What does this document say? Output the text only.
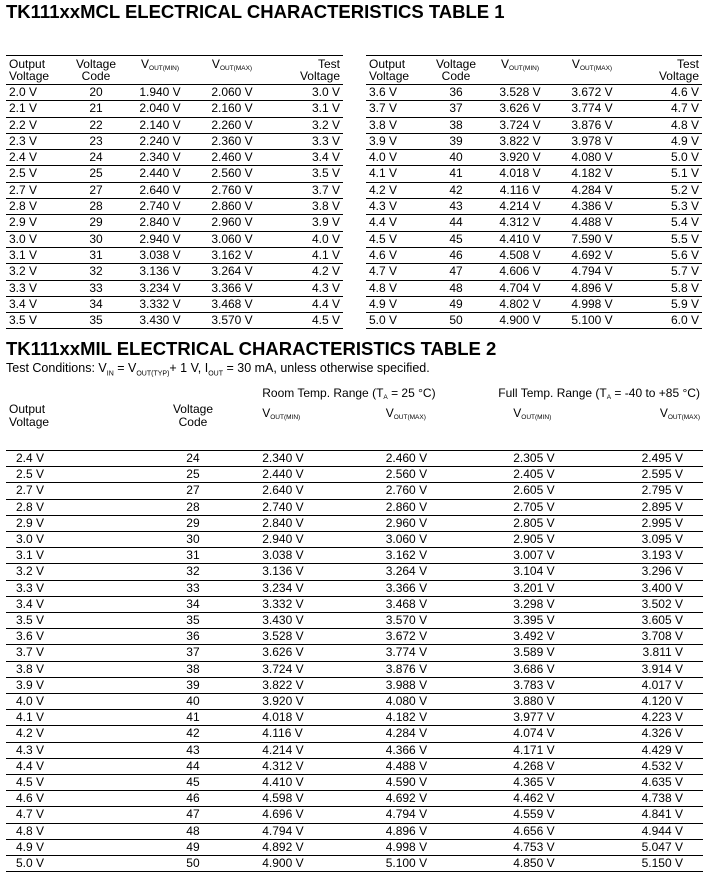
TK111xxMCL ELECTRICAL CHARACTERISTICS TABLE 1
Output
Voltage	Voltage
Code	$V_{OUT(MIN)}$	$V_{OUT(MAX)}$	Test
Voltage
2.0 V	20	1.940 V	2.060 V	3.0 V
2.1 V	21	2.040 V	2.160 V	3.1 V
2.2 V	22	2.140 V	2.260 V	3.2 V
2.3 V	23	2.240 V	2.360 V	3.3 V
2.4 V	24	2.340 V	2.460 V	3.4 V
2.5 V	25	2.440 V	2.560 V	3.5 V
2.7 V	27	2.640 V	2.760 V	3.7 V
2.8 V	28	2.740 V	2.860 V	3.8 V
2.9 V	29	2.840 V	2.960 V	3.9 V
3.0 V	30	2.940 V	3.060 V	4.0 V
3.1 V	31	3.038 V	3.162 V	4.1 V
3.2 V	32	3.136 V	3.264 V	4.2 V
3.3 V	33	3.234 V	3.366 V	4.3 V
3.4 V	34	3.332 V	3.468 V	4.4 V
3.5 V	35	3.430 V	3.570 V	4.5 V
Output
Voltage	Voltage
Code	$V_{OUT(MIN)}$	$V_{OUT(MAX)}$	Test
Voltage
3.6 V	36	3.528 V	3.672 V	4.6 V
3.7 V	37	3.626 V	3.774 V	4.7 V
3.8 V	38	3.724 V	3.876 V	4.8 V
3.9 V	39	3.822 V	3.978 V	4.9 V
4.0 V	40	3.920 V	4.080 V	5.0 V
4.1 V	41	4.018 V	4.182 V	5.1 V
4.2 V	42	4.116 V	4.284 V	5.2 V
4.3 V	43	4.214 V	4.386 V	5.3 V
4.4 V	44	4.312 V	4.488 V	5.4 V
4.5 V	45	4.410 V	7.590 V	5.5 V
4.6 V	46	4.508 V	4.692 V	5.6 V
4.7 V	47	4.606 V	4.794 V	5.7 V
4.8 V	48	4.704 V	4.896 V	5.8 V
4.9 V	49	4.802 V	4.998 V	5.9 V
5.0 V	50	4.900 V	5.100 V	6.0 V
TK111xxMIL ELECTRICAL CHARACTERISTICS TABLE 2
Test Conditions: $V_{IN} = V_{OUT(TYP)}+ 1$ V, $I_{OUT} = 30$ mA, unless otherwise specified.
Output
Voltage	Voltage
Code	Room Temp. Range ($T_A = 25$ °C)		Full Temp. Range ($T_A = -40$ to +85 °C)	
		$V_{OUT(MIN)}$	$V_{OUT(MAX)}$	$V_{OUT(MIN)}$	$V_{OUT(MAX)}$
2.4 V	24	2.340 V	2.460 V	2.305 V	2.495 V
2.5 V	25	2.440 V	2.560 V	2.405 V	2.595 V
2.7 V	27	2.640 V	2.760 V	2.605 V	2.795 V
2.8 V	28	2.740 V	2.860 V	2.705 V	2.895 V
2.9 V	29	2.840 V	2.960 V	2.805 V	2.995 V
3.0 V	30	2.940 V	3.060 V	2.905 V	3.095 V
3.1 V	31	3.038 V	3.162 V	3.007 V	3.193 V
3.2 V	32	3.136 V	3.264 V	3.104 V	3.296 V
3.3 V	33	3.234 V	3.366 V	3.201 V	3.400 V
3.4 V	34	3.332 V	3.468 V	3.298 V	3.502 V
3.5 V	35	3.430 V	3.570 V	3.395 V	3.605 V
3.6 V	36	3.528 V	3.672 V	3.492 V	3.708 V
3.7 V	37	3.626 V	3.774 V	3.589 V	3.811 V
3.8 V	38	3.724 V	3.876 V	3.686 V	3.914 V
3.9 V	39	3.822 V	3.988 V	3.783 V	4.017 V
4.0 V	40	3.920 V	4.080 V	3.880 V	4.120 V
4.1 V	41	4.018 V	4.182 V	3.977 V	4.223 V
4.2 V	42	4.116 V	4.284 V	4.074 V	4.326 V
4.3 V	43	4.214 V	4.366 V	4.171 V	4.429 V
4.4 V	44	4.312 V	4.488 V	4.268 V	4.532 V
4.5 V	45	4.410 V	4.590 V	4.365 V	4.635 V
4.6 V	46	4.598 V	4.692 V	4.462 V	4.738 V
4.7 V	47	4.696 V	4.794 V	4.559 V	4.841 V
4.8 V	48	4.794 V	4.896 V	4.656 V	4.944 V
4.9 V	49	4.892 V	4.998 V	4.753 V	5.047 V
5.0 V	50	4.900 V	5.100 V	4.850 V	5.150 V
